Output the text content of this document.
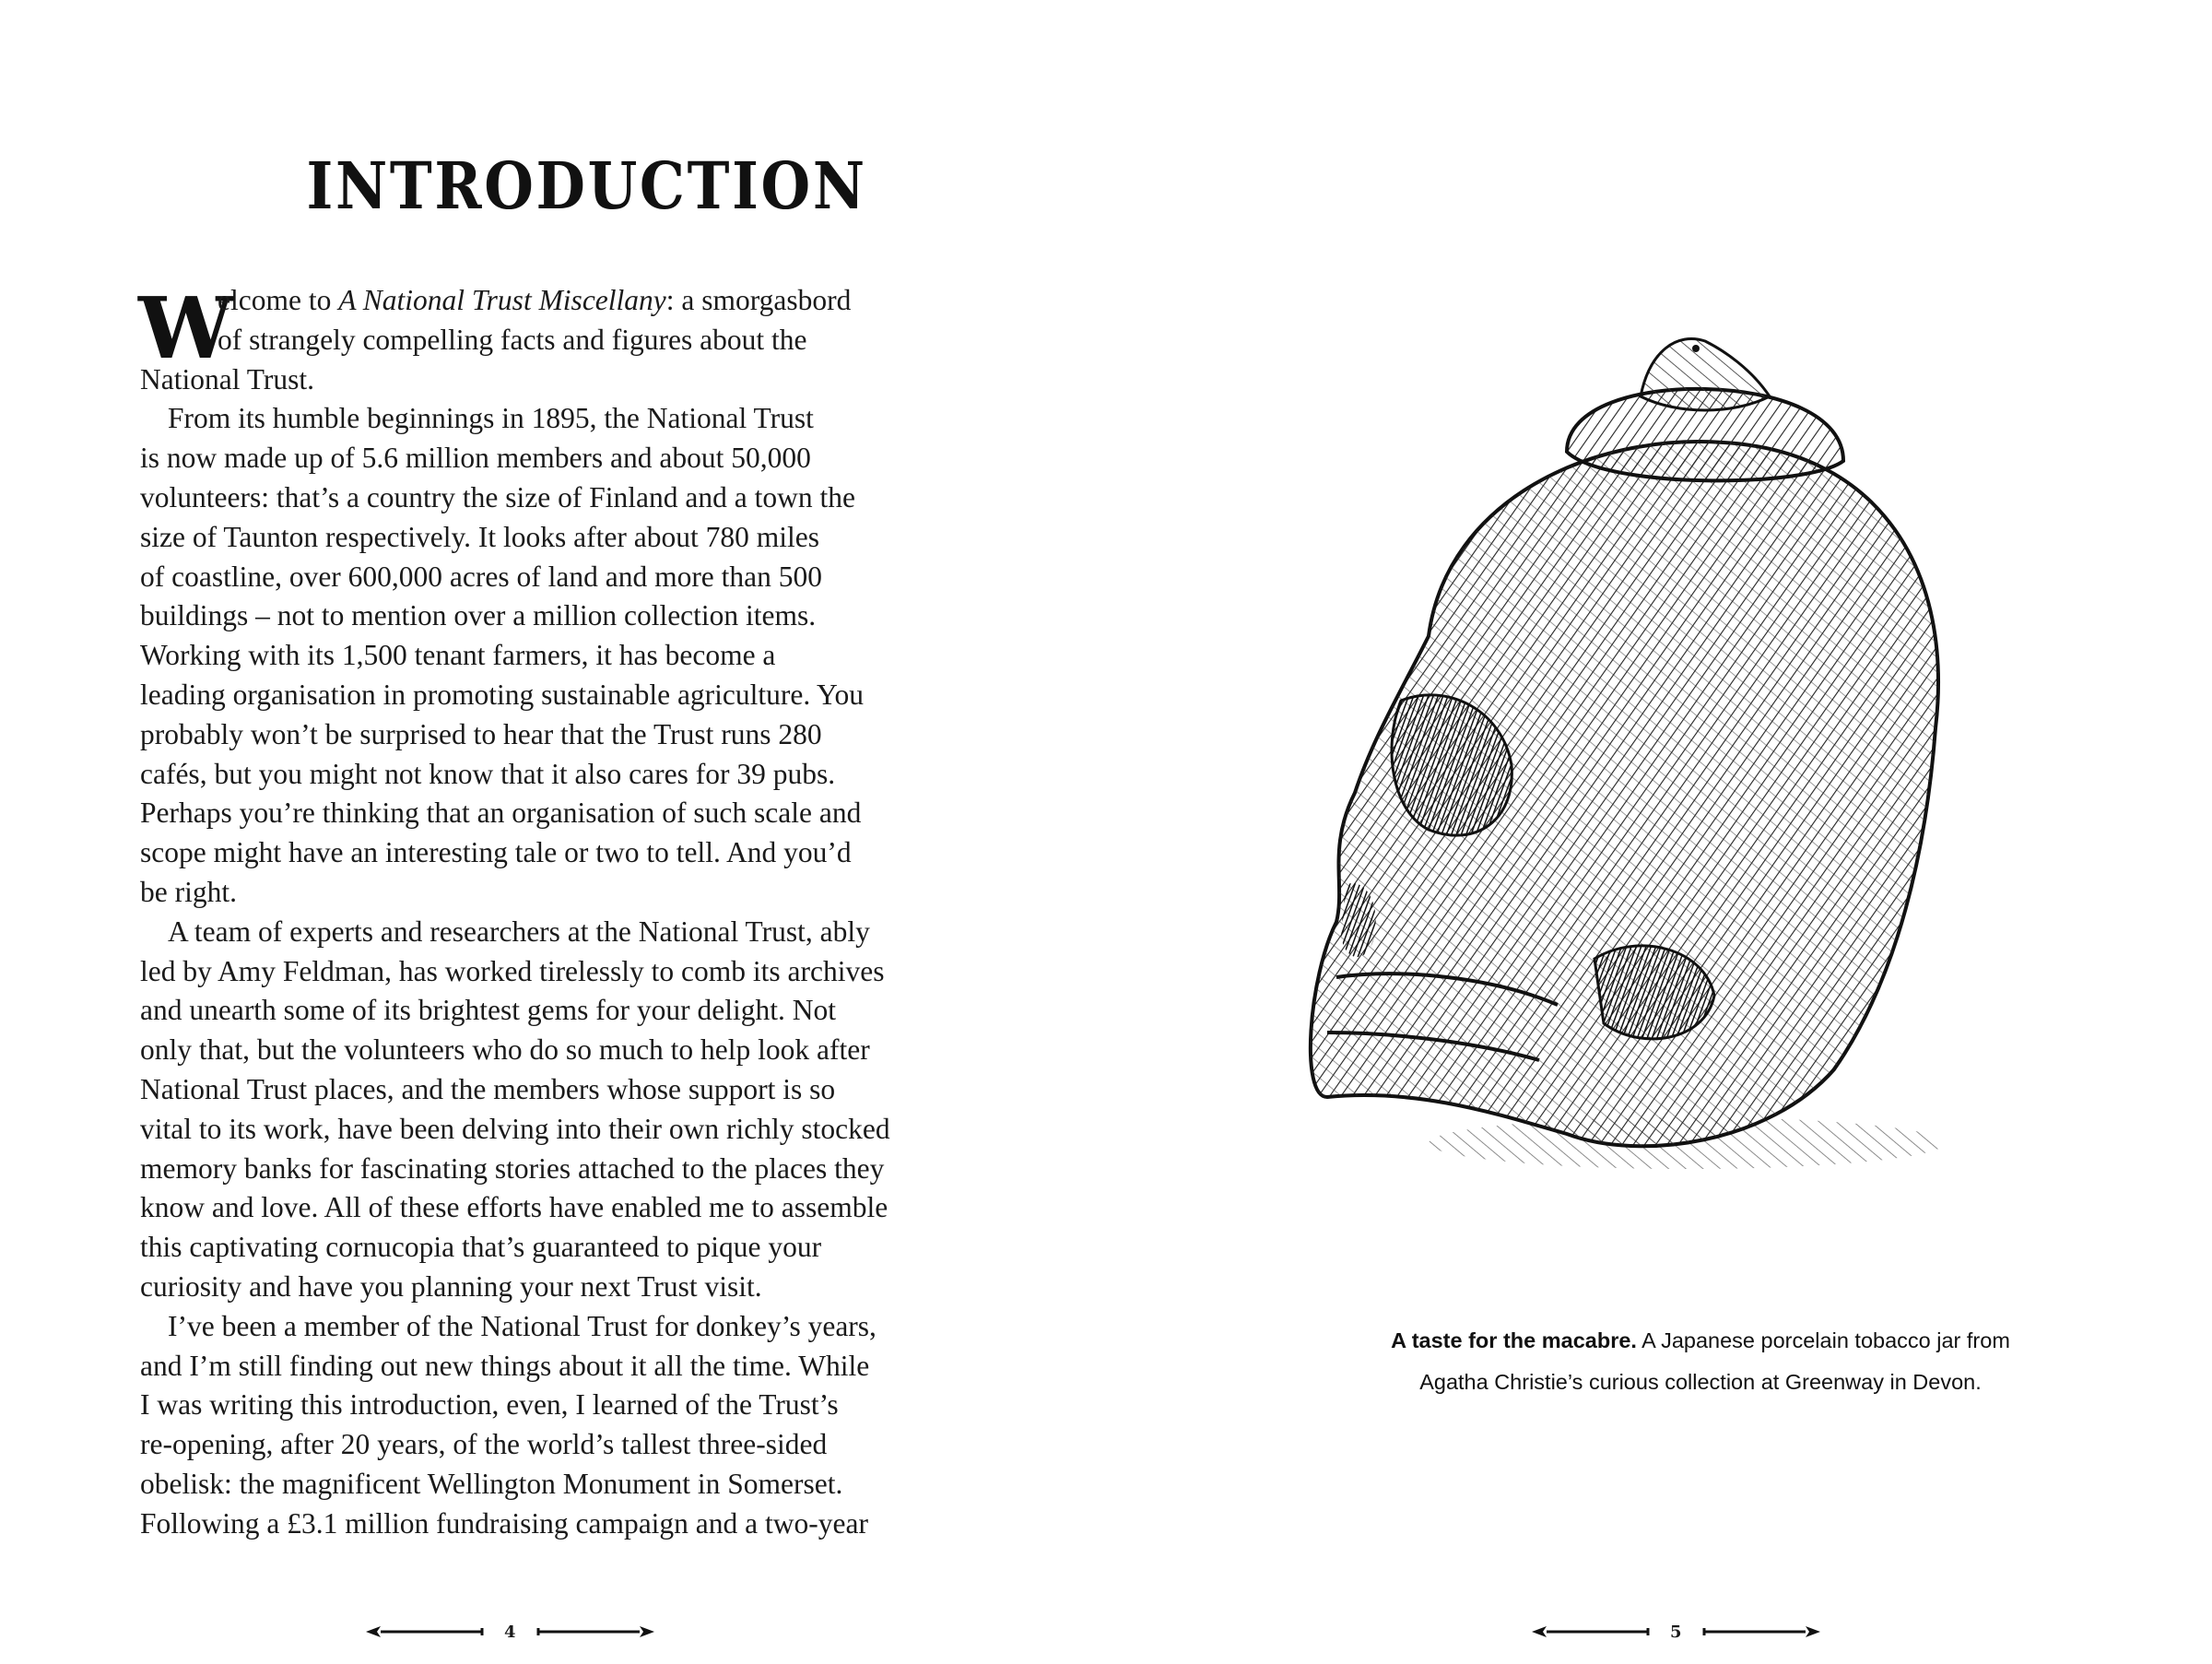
INTRODUCTION
W
elcome to A National Trust Miscellany: a smorgasbord
of strangely compelling facts and figures about the
National Trust.
From its humble beginnings in 1895, the National Trust
is now made up of 5.6 million members and about 50,000
volunteers: that’s a country the size of Finland and a town the
size of Taunton respectively. It looks after about 780 miles
of coastline, over 600,000 acres of land and more than 500
buildings – not to mention over a million collection items.
Working with its 1,500 tenant farmers, it has become a
leading organisation in promoting sustainable agriculture. You
probably won’t be surprised to hear that the Trust runs 280
cafés, but you might not know that it also cares for 39 pubs.
Perhaps you’re thinking that an organisation of such scale and
scope might have an interesting tale or two to tell. And you’d
be right.
A team of experts and researchers at the National Trust, ably
led by Amy Feldman, has worked tirelessly to comb its archives
and unearth some of its brightest gems for your delight. Not
only that, but the volunteers who do so much to help look after
National Trust places, and the members whose support is so
vital to its work, have been delving into their own richly stocked
memory banks for fascinating stories attached to the places they
know and love. All of these efforts have enabled me to assemble
this captivating cornucopia that’s guaranteed to pique your
curiosity and have you planning your next Trust visit.
I’ve been a member of the National Trust for donkey’s years,
and I’m still finding out new things about it all the time. While
I was writing this introduction, even, I learned of the Trust’s
re-opening, after 20 years, of the world’s tallest three-sided
obelisk: the magnificent Wellington Monument in Somerset.
Following a £3.1 million fundraising campaign and a two-year
4	5
A taste for the macabre. A Japanese porcelain tobacco jar from
Agatha Christie’s curious collection at Greenway in Devon.
